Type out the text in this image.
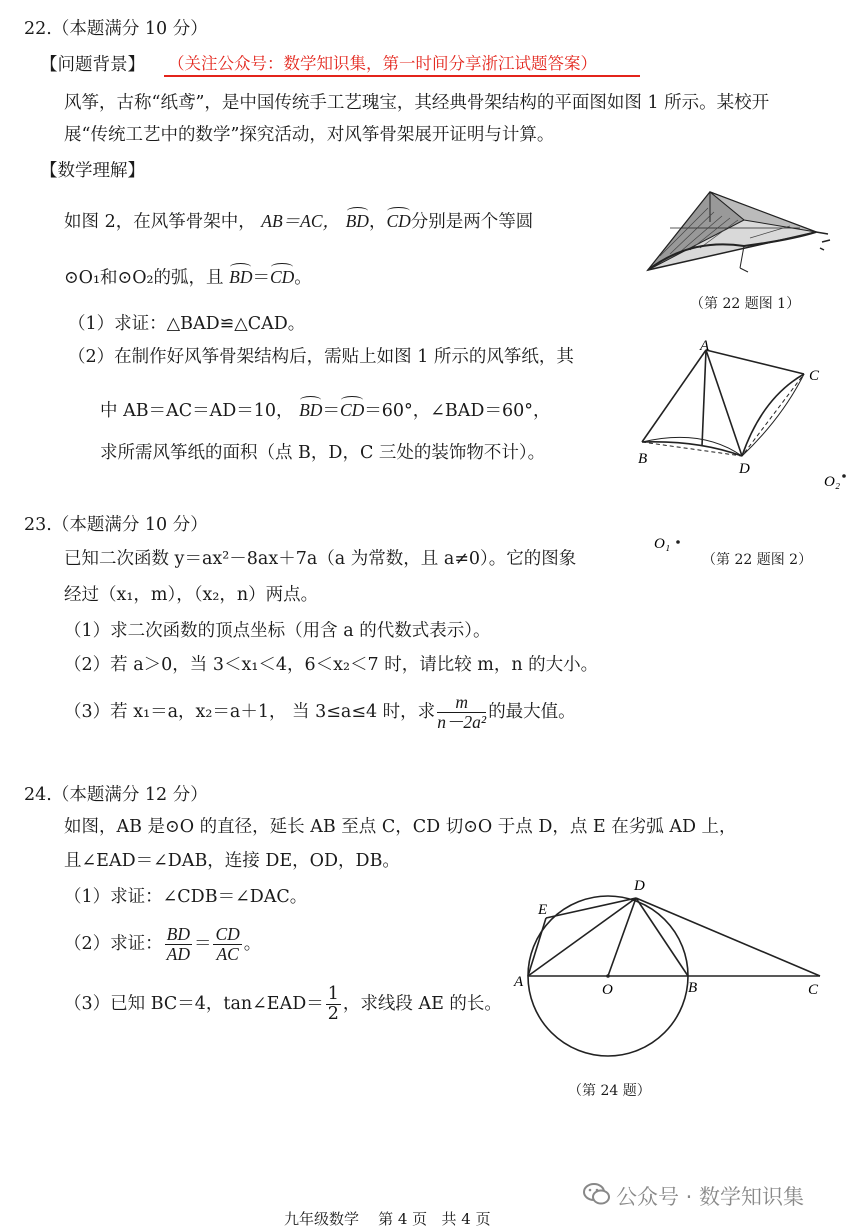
22.（本题满分 10 分）
【问题背景】 （关注公众号：数学知识集，第一时间分享浙江试题答案）
风筝，古称“纸鸢”，是中国传统手工艺瑰宝，其经典骨架结构的平面图如图 1 所示。某校开
展“传统工艺中的数学”探究活动，对风筝骨架展开证明与计算。
【数学理解】
如图 2，在风筝骨架中， AB＝AC， BD，CD分别是两个等圆
⊙O₁和⊙O₂的弧，且 BD＝CD。
（1）求证：△BAD≌△CAD。
（2）在制作好风筝骨架结构后，需贴上如图 1 所示的风筝纸，其
中 AB＝AC＝AD＝10， BD＝CD＝60°，∠BAD＝60°，
求所需风筝纸的面积（点 B，D，C 三处的装饰物不计）。
（第 22 题图 1）
A
B
C
D
O₂
O₁
（第 22 题图 2）
23.（本题满分 10 分）
已知二次函数 y＝ax²－8ax＋7a（a 为常数，且 a≠0）。它的图象
经过（x₁，m），（x₂，n）两点。
（1）求二次函数的顶点坐标（用含 a 的代数式表示）。
（2）若 a＞0，当 3＜x₁＜4，6＜x₂＜7 时，请比较 m，n 的大小。
（3）若 x₁＝a，x₂＝a＋1， 当 3≤a≤4 时，求 $\frac{m}{\text{n－2a²}}$ 的最大值。
24.（本题满分 12 分）
如图，AB 是⊙O 的直径，延长 AB 至点 C，CD 切⊙O 于点 D，点 E 在劣弧 AD 上，
且∠EAD＝∠DAB，连接 DE，OD，DB。
（1）求证：∠CDB＝∠DAC。
（2）求证： $\frac{BD}{AD} = \frac{CD}{AC}$ 。
（3）已知 BC＝4，tan∠EAD＝ $\frac{1}{2}$ ，求线段 AE 的长。
A	O	B	C
D
E
（第 24 题）
公众号 · 数学知识集
九年级数学 第 4 页 共 4 页
